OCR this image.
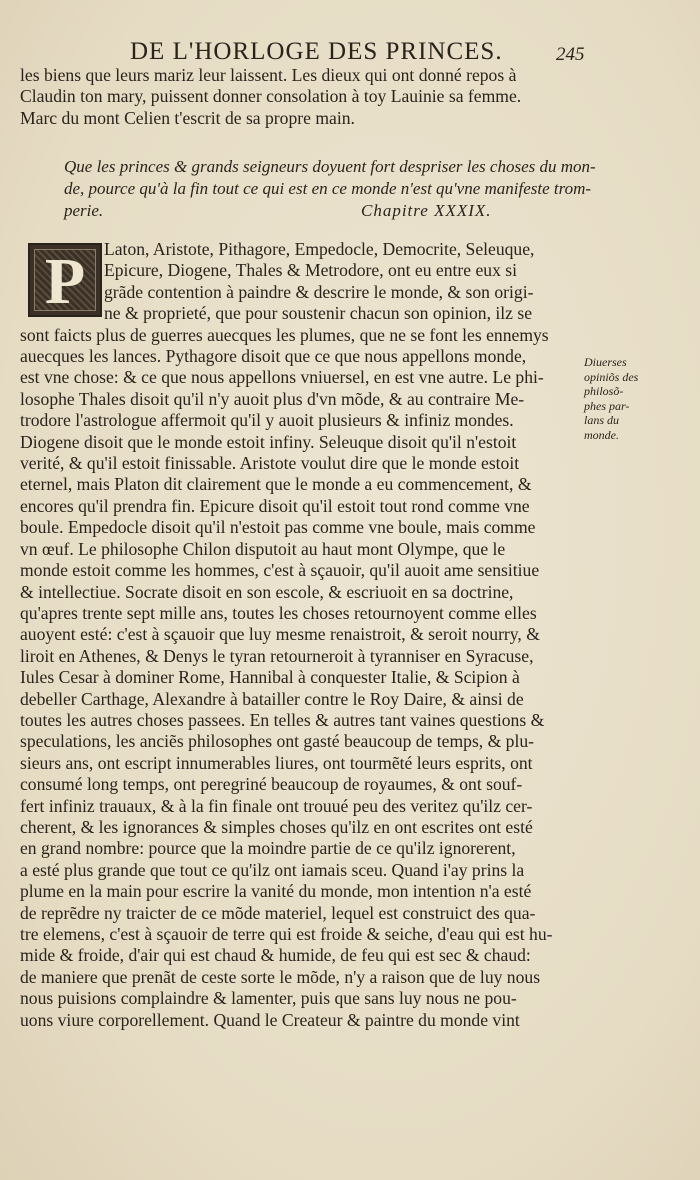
DE L'HORLOGE DES PRINCES.	245
les biens que leurs mariz leur laissent. Les dieux qui ont donné repos à
Claudin ton mary, puissent donner consolation à toy Lauinie sa femme.
Marc du mont Celien t'escrit de sa propre main.
Que les princes & grands seigneurs doyuent fort despriser les choses du mon-
de, pource qu'à la fin tout ce qui est en ce monde n'est qu'vne manifeste trom-
perie.	Chapitre XXXIX.
P	Laton, Aristote, Pithagore, Empedocle, Democrite, Seleuque,
Epicure, Diogene, Thales & Metrodore, ont eu entre eux si
grãde contention à paindre & descrire le monde, & son origi-
ne & proprieté, que pour soustenir chacun son opinion, ilz se
sont faicts plus de guerres auecques les plumes, que ne se font les ennemys
auecques les lances. Pythagore disoit que ce que nous appellons monde,
est vne chose: & ce que nous appellons vniuersel, en est vne autre. Le phi-
losophe Thales disoit qu'il n'y auoit plus d'vn mõde, & au contraire Me-
trodore l'astrologue affermoit qu'il y auoit plusieurs & infiniz mondes.
Diogene disoit que le monde estoit infiny. Seleuque disoit qu'il n'estoit
verité, & qu'il estoit finissable. Aristote voulut dire que le monde estoit
eternel, mais Platon dit clairement que le monde a eu commencement, &
encores qu'il prendra fin. Epicure disoit qu'il estoit tout rond comme vne
boule. Empedocle disoit qu'il n'estoit pas comme vne boule, mais comme
vn œuf. Le philosophe Chilon disputoit au haut mont Olympe, que le
monde estoit comme les hommes, c'est à sçauoir, qu'il auoit ame sensitiue
& intellectiue. Socrate disoit en son escole, & escriuoit en sa doctrine,
qu'apres trente sept mille ans, toutes les choses retournoyent comme elles
auoyent esté: c'est à sçauoir que luy mesme renaistroit, & seroit nourry, &
liroit en Athenes, & Denys le tyran retourneroit à tyranniser en Syracuse,
Iules Cesar à dominer Rome, Hannibal à conquester Italie, & Scipion à
debeller Carthage, Alexandre à batailler contre le Roy Daire, & ainsi de
toutes les autres choses passees. En telles & autres tant vaines questions &
speculations, les anciẽs philosophes ont gasté beaucoup de temps, & plu-
sieurs ans, ont escript innumerables liures, ont tourmẽté leurs esprits, ont
consumé long temps, ont peregriné beaucoup de royaumes, & ont souf-
fert infiniz trauaux, & à la fin finale ont trouué peu des veritez qu'ilz cer-
cherent, & les ignorances & simples choses qu'ilz en ont escrites ont esté
en grand nombre: pource que la moindre partie de ce qu'ilz ignorerent,
a esté plus grande que tout ce qu'ilz ont iamais sceu. Quand i'ay prins la
plume en la main pour escrire la vanité du monde, mon intention n'a esté
de reprẽdre ny traicter de ce mõde materiel, lequel est construict des qua-
tre elemens, c'est à sçauoir de terre qui est froide & seiche, d'eau qui est hu-
mide & froide, d'air qui est chaud & humide, de feu qui est sec & chaud:
de maniere que prenãt de ceste sorte le mõde, n'y a raison que de luy nous
nous puisions complaindre & lamenter, puis que sans luy nous ne pou-
uons viure corporellement. Quand le Createur & paintre du monde vint
Diuerses
opiniõs des
philosõ-
phes par-
lans du
monde.
